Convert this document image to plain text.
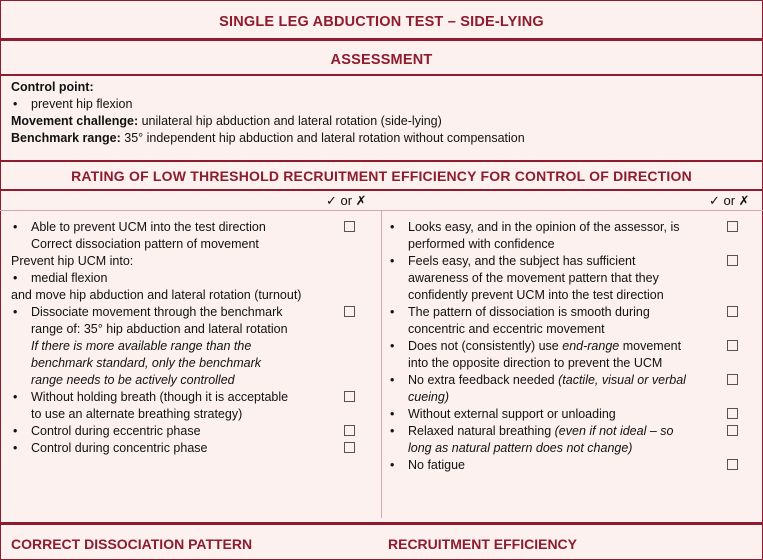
SINGLE LEG ABDUCTION TEST – SIDE-LYING
ASSESSMENT
Control point:
• prevent hip flexion
Movement challenge: unilateral hip abduction and lateral rotation (side-lying)
Benchmark range: 35° independent hip abduction and lateral rotation without compensation
RATING OF LOW THRESHOLD RECRUITMENT EFFICIENCY FOR CONTROL OF DIRECTION
✓ or ✗	✓ or ✗
• Able to prevent UCM into the test direction
Correct dissociation pattern of movement
Prevent hip UCM into:
• medial flexion
and move hip abduction and lateral rotation (turnout)
• Dissociate movement through the benchmark range of: 35° hip abduction and lateral rotation
If there is more available range than the benchmark standard, only the benchmark range needs to be actively controlled
• Without holding breath (though it is acceptable to use an alternate breathing strategy)
• Control during eccentric phase
• Control during concentric phase
• Looks easy, and in the opinion of the assessor, is performed with confidence
• Feels easy, and the subject has sufficient awareness of the movement pattern that they confidently prevent UCM into the test direction
• The pattern of dissociation is smooth during concentric and eccentric movement
• Does not (consistently) use end-range movement into the opposite direction to prevent the UCM
• No extra feedback needed (tactile, visual or verbal cueing)
• Without external support or unloading
• Relaxed natural breathing (even if not ideal – so long as natural pattern does not change)
• No fatigue
CORRECT DISSOCIATION PATTERN	RECRUITMENT EFFICIENCY
